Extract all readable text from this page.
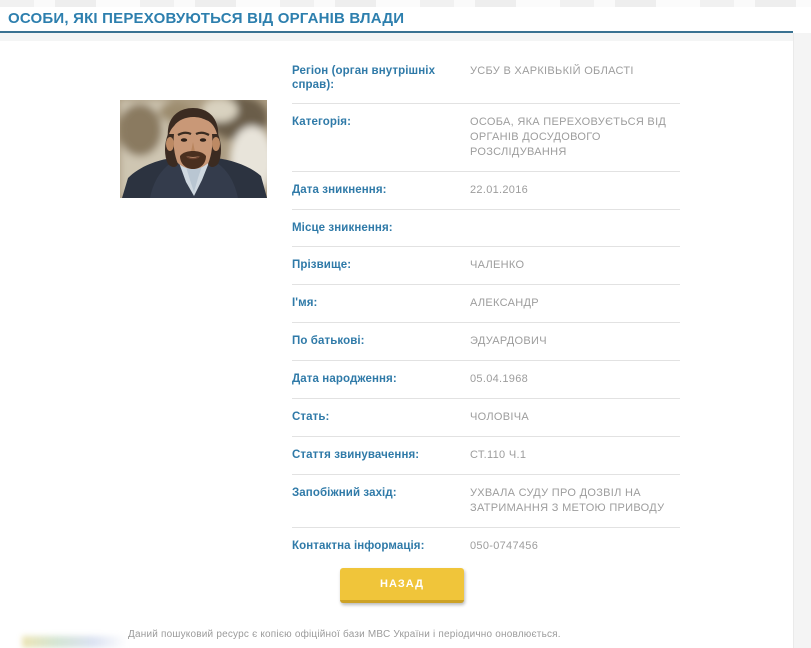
ОСОБИ, ЯКІ ПЕРЕХОВУЮТЬСЯ ВІД ОРГАНІВ ВЛАДИ
Регіон (орган внутрішніх справ):
УСБУ В ХАРКІВЬКІЙ ОБЛАСТІ
Категорія:	ОСОБА, ЯКА ПЕРЕХОВУЄТЬСЯ ВІД ОРГАНІВ ДОСУДОВОГО РОЗСЛІДУВАННЯ
Дата зникнення:	22.01.2016
Місце зникнення:
Прізвище:	ЧАЛЕНКО
І'мя:	АЛЕКСАНДР
По батькові:	ЭДУАРДОВИЧ
Дата народження:	05.04.1968
Стать:	ЧОЛОВІЧА
Стаття звинувачення:	СТ.110 Ч.1
Запобіжний захід:	УХВАЛА СУДУ ПРО ДОЗВІЛ НА ЗАТРИМАННЯ З МЕТОЮ ПРИВОДУ
Контактна інформація:	050-0747456
НАЗАД
Даний пошуковий ресурс є копією офіційної бази МВС України і періодично оновлюється.
